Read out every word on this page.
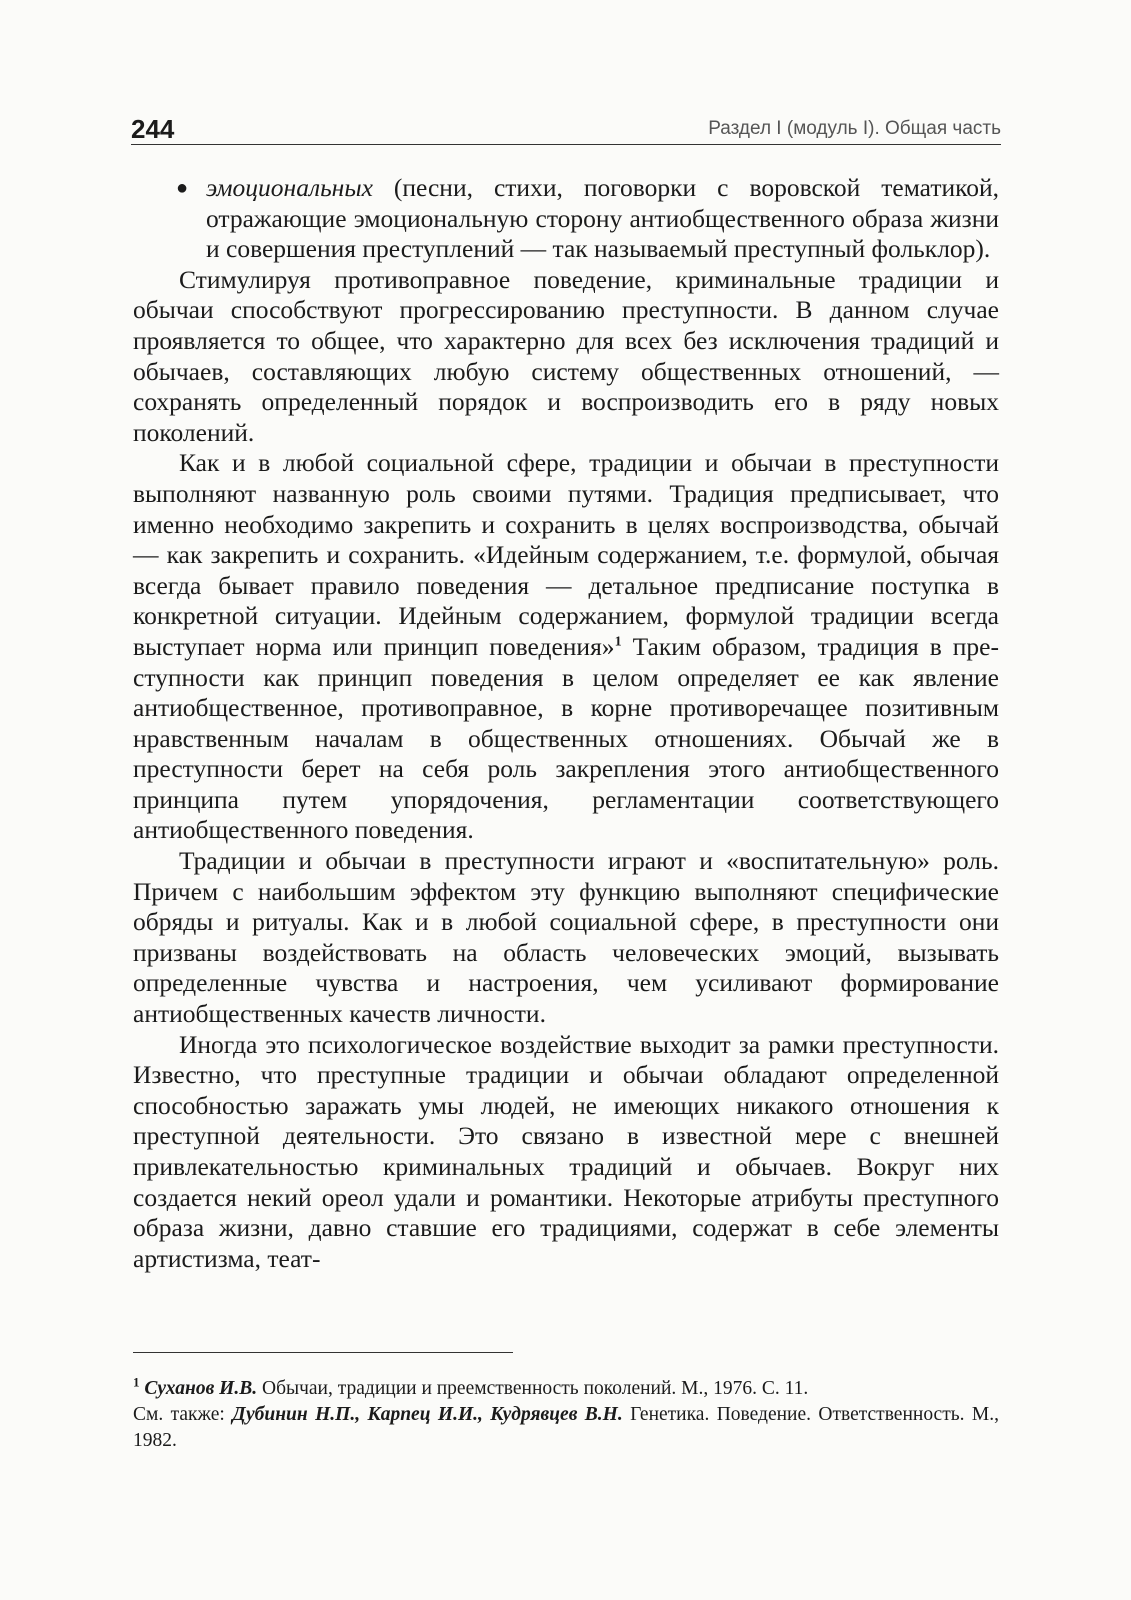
244	Раздел I (модуль I). Общая часть

● эмоциональных (песни, стихи, поговорки с воровской тематикой, отражающие эмоциональную сторону антиобщественного образа жизни и совершения преступлений — так называемый преступный фольклор).

Стимулируя противоправное поведение, криминальные традиции и обычаи способствуют прогрессированию преступности. В данном случае проявляется то общее, что характерно для всех без исключения традиций и обычаев, составляющих любую систему общественных отношений, — сохранять определенный порядок и воспроизводить его в ряду новых поколений.

Как и в любой социальной сфере, традиции и обычаи в преступности выполняют названную роль своими путями. Традиция предписывает, что именно необходимо закрепить и сохранить в целях воспроизводства, обычай — как закрепить и сохранить. «Идейным содержанием, т.е. формулой, обычая всегда бывает правило поведения — детальное предписание поступка в конкретной ситуации. Идейным содержанием, формулой традиции всегда выступает норма или принцип поведения»$^1$ Таким образом, традиция в преступности как принцип поведения в целом определяет ее как явление антиобщественное, противоправное, в корне противоречащее позитивным нравственным началам в общественных отношениях. Обычай же в преступности берет на себя роль закрепления этого антиобщественного принципа путем упорядочения, регламентации соответствующего антиобщественного поведения.

Традиции и обычаи в преступности играют и «воспитательную» роль. Причем с наибольшим эффектом эту функцию выполняют специфические обряды и ритуалы. Как и в любой социальной сфере, в преступности они призваны воздействовать на область человеческих эмоций, вызывать определенные чувства и настроения, чем усиливают формирование антиобщественных качеств личности.

Иногда это психологическое воздействие выходит за рамки преступности. Известно, что преступные традиции и обычаи обладают определенной способностью заражать умы людей, не имеющих никакого отношения к преступной деятельности. Это связано в известной мере с внешней привлекательностью криминальных традиций и обычаев. Вокруг них создается некий ореол удали и романтики. Некоторые атрибуты преступного образа жизни, давно ставшие его традициями, содержат в себе элементы артистизма, теат-

$^1$ Суханов И.В. Обычаи, традиции и преемственность поколений. М., 1976. С. 11.

См. также: Дубинин Н.П., Карпец И.И., Кудрявцев В.Н. Генетика. Поведение. Ответственность. М., 1982.
